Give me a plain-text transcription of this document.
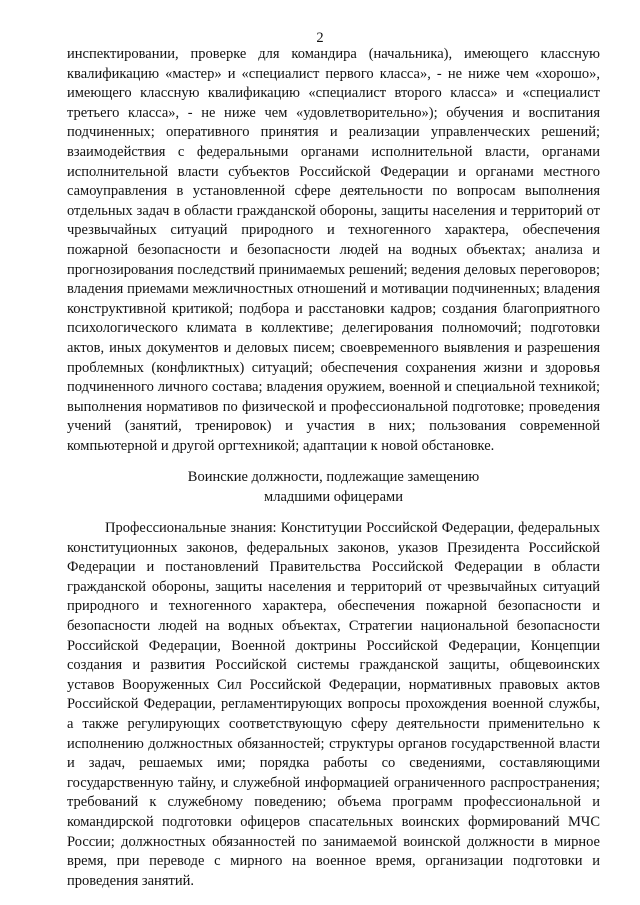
2

инспектировании, проверке для командира (начальника), имеющего классную квалификацию «мастер» и «специалист первого класса», - не ниже чем «хорошо», имеющего классную квалификацию «специалист второго класса» и «специалист третьего класса», - не ниже чем «удовлетворительно»); обучения и воспитания подчиненных; оперативного принятия и реализации управленческих решений; взаимодействия с федеральными органами исполнительной власти, органами исполнительной власти субъектов Российской Федерации и органами местного самоуправления в установленной сфере деятельности по вопросам выполнения отдельных задач в области гражданской обороны, защиты населения и территорий от чрезвычайных ситуаций природного и техногенного характера, обеспечения пожарной безопасности и безопасности людей на водных объектах; анализа и прогнозирования последствий принимаемых решений; ведения деловых переговоров; владения приемами межличностных отношений и мотивации подчиненных; владения конструктивной критикой; подбора и расстановки кадров; создания благоприятного психологического климата в коллективе; делегирования полномочий; подготовки актов, иных документов и деловых писем; своевременного выявления и разрешения проблемных (конфликтных) ситуаций; обеспечения сохранения жизни и здоровья подчиненного личного состава; владения оружием, военной и специальной техникой; выполнения нормативов по физической и профессиональной подготовке; проведения учений (занятий, тренировок) и участия в них; пользования современной компьютерной и другой оргтехникой; адаптации к новой обстановке.

Воинские должности, подлежащие замещению
младшими офицерами

Профессиональные знания: Конституции Российской Федерации, федеральных конституционных законов, федеральных законов, указов Президента Российской Федерации и постановлений Правительства Российской Федерации в области гражданской обороны, защиты населения и территорий от чрезвычайных ситуаций природного и техногенного характера, обеспечения пожарной безопасности и безопасности людей на водных объектах, Стратегии национальной безопасности Российской Федерации, Военной доктрины Российской Федерации, Концепции создания и развития Российской системы гражданской защиты, общевоинских уставов Вооруженных Сил Российской Федерации, нормативных правовых актов Российской Федерации, регламентирующих вопросы прохождения военной службы, а также регулирующих соответствующую сферу деятельности применительно к исполнению должностных обязанностей; структуры органов государственной власти и задач, решаемых ими; порядка работы со сведениями, составляющими государственную тайну, и служебной информацией ограниченного распространения; требований к служебному поведению; объема программ профессиональной и командирской подготовки офицеров спасательных воинских формирований МЧС России; должностных обязанностей по занимаемой воинской должности в мирное время, при переводе с мирного на военное время, организации подготовки и проведения занятий.
